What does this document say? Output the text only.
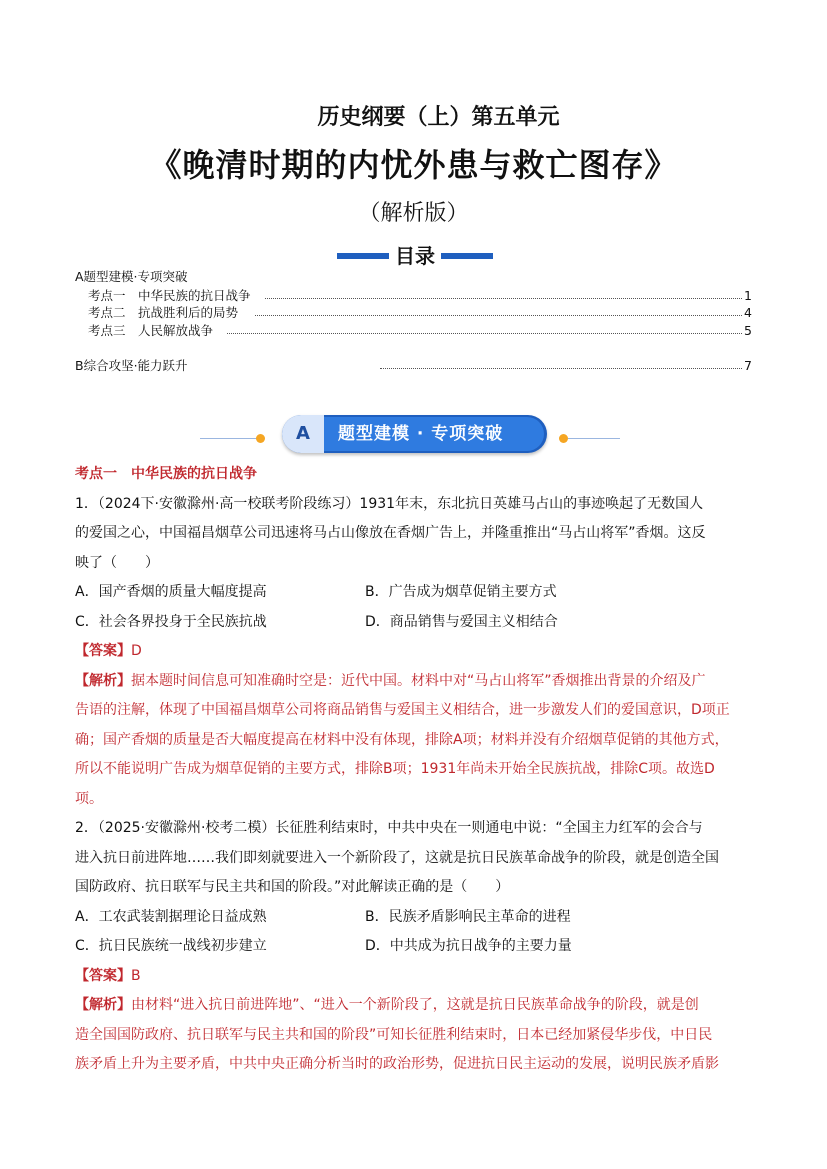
历史纲要（上）第五单元
《晚清时期的内忧外患与救亡图存》
（解析版）
目录
A题型建模·专项突破
考点一　中华民族的抗日战争	1
考点二　抗战胜利后的局势	4
考点三　人民解放战争	5
B综合攻坚·能力跃升	7
A	题型建模 · 专项突破

考点一　中华民族的抗日战争

1．（2024下·安徽滁州·高一校联考阶段练习）1931年末，东北抗日英雄马占山的事迹唤起了无数国人

的爱国之心，中国福昌烟草公司迅速将马占山像放在香烟广告上，并隆重推出“马占山将军”香烟。这反

映了（　　）

A．国产香烟的质量大幅度提高	B．广告成为烟草促销主要方式
C．社会各界投身于全民族抗战	D．商品销售与爱国主义相结合

【答案】D

【解析】据本题时间信息可知准确时空是：近代中国。材料中对“马占山将军”香烟推出背景的介绍及广

告语的注解，体现了中国福昌烟草公司将商品销售与爱国主义相结合，进一步激发人们的爱国意识，D项正

确；国产香烟的质量是否大幅度提高在材料中没有体现，排除A项；材料并没有介绍烟草促销的其他方式，

所以不能说明广告成为烟草促销的主要方式，排除B项；1931年尚未开始全民族抗战，排除C项。故选D

项。

2．（2025·安徽滁州·校考二模）长征胜利结束时，中共中央在一则通电中说：“全国主力红军的会合与

进入抗日前进阵地……我们即刻就要进入一个新阶段了，这就是抗日民族革命战争的阶段，就是创造全国

国防政府、抗日联军与民主共和国的阶段。”对此解读正确的是（　　）

A．工农武装割据理论日益成熟	B．民族矛盾影响民主革命的进程
C．抗日民族统一战线初步建立	D．中共成为抗日战争的主要力量

【答案】B

【解析】由材料“进入抗日前进阵地”、“进入一个新阶段了，这就是抗日民族革命战争的阶段，就是创

造全国国防政府、抗日联军与民主共和国的阶段”可知长征胜利结束时，日本已经加紧侵华步伐，中日民

族矛盾上升为主要矛盾，中共中央正确分析当时的政治形势，促进抗日民主运动的发展，说明民族矛盾影
